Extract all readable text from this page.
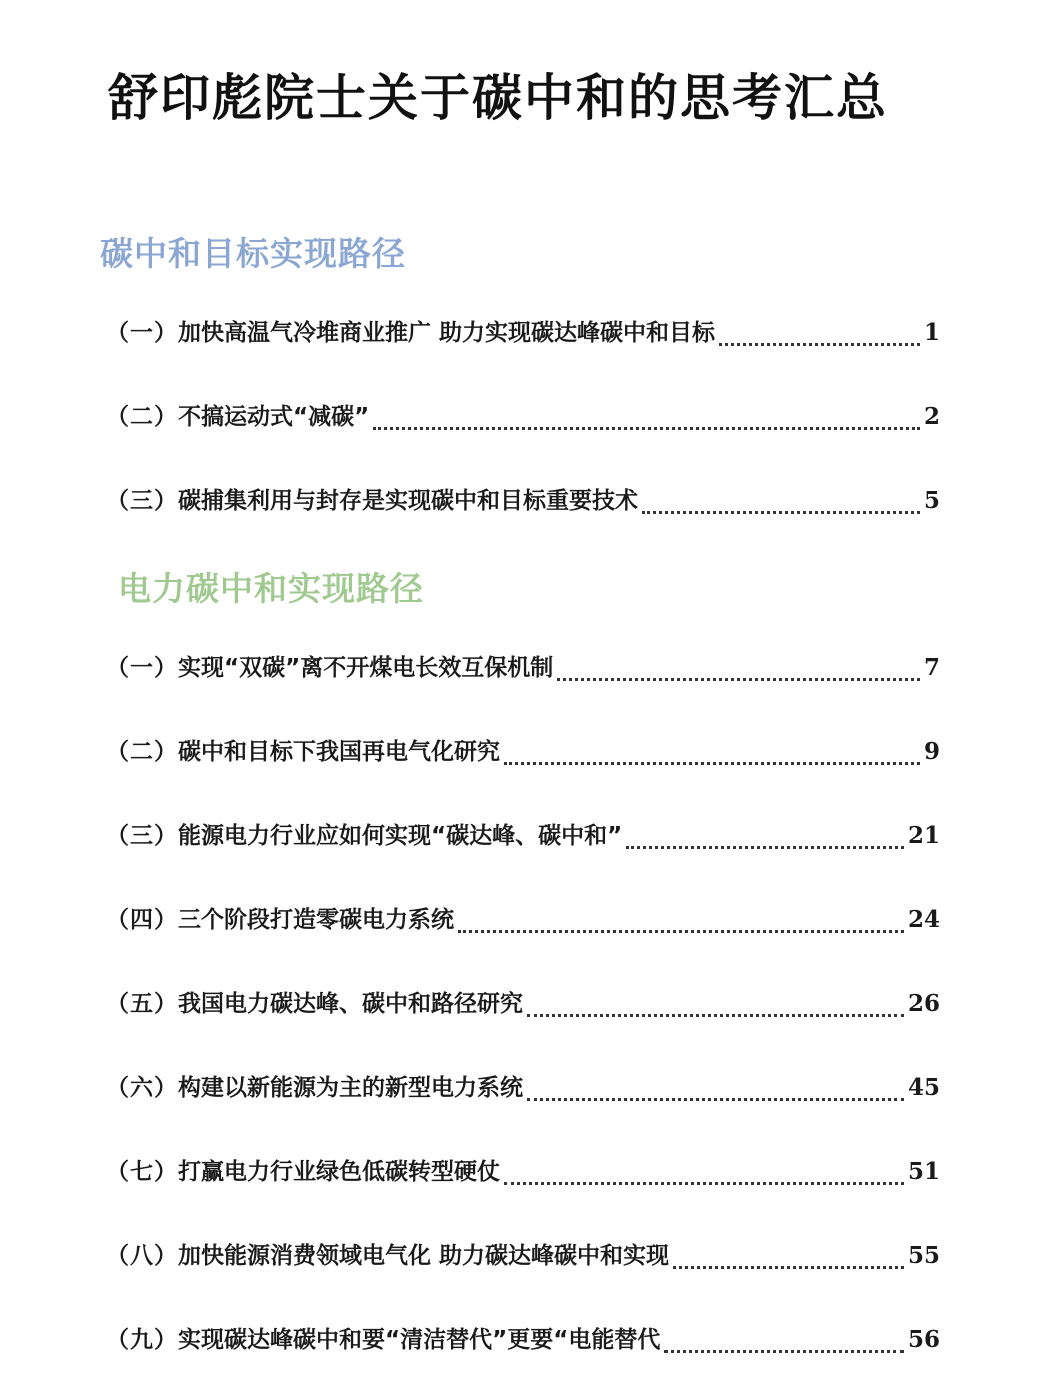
舒印彪院士关于碳中和的思考汇总
碳中和目标实现路径
（一） 加快高温气冷堆商业推广 助力实现碳达峰碳中和目标	1
（二） 不搞运动式“减碳”	2
（三） 碳捕集利用与封存是实现碳中和目标重要技术	5
电力碳中和实现路径
（一） 实现“双碳”离不开煤电长效互保机制	7
（二） 碳中和目标下我国再电气化研究	9
（三） 能源电力行业应如何实现“碳达峰、碳中和”	21
（四） 三个阶段打造零碳电力系统	24
（五） 我国电力碳达峰、碳中和路径研究	26
（六） 构建以新能源为主的新型电力系统	45
（七） 打赢电力行业绿色低碳转型硬仗	51
（八） 加快能源消费领域电气化 助力碳达峰碳中和实现	55
（九） 实现碳达峰碳中和要“清洁替代”更要“电能替代	56
